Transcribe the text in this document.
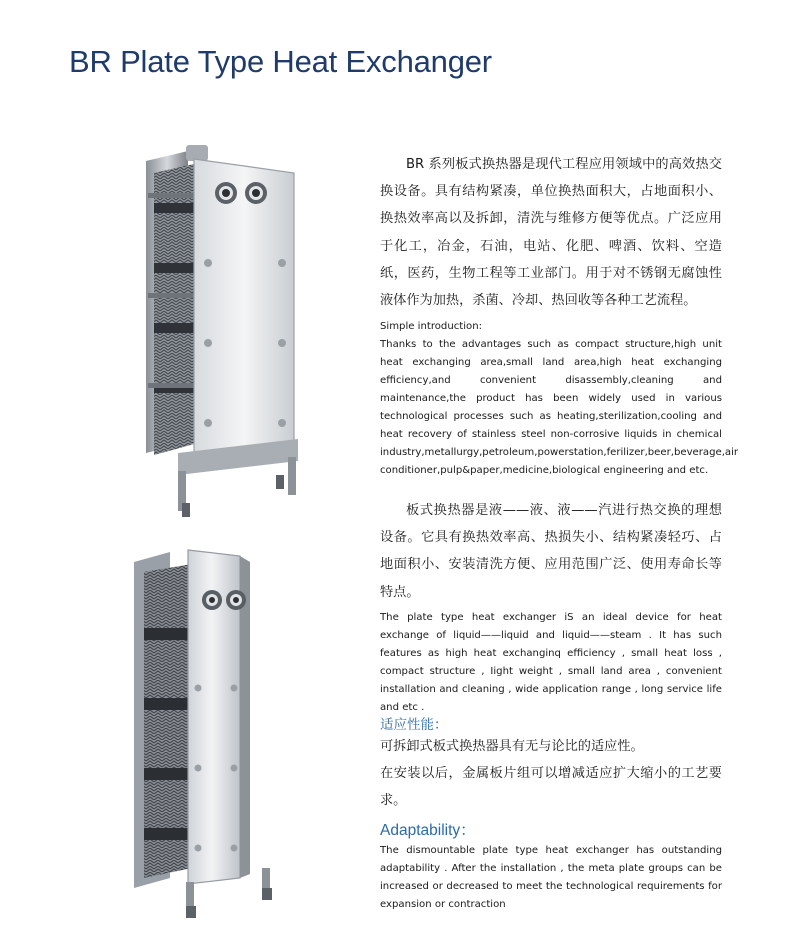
BR Plate Type Heat Exchanger

BR 系列板式换热器是现代工程应用领域中的高效热交换设备。具有结构紧凑，单位换热面积大，占地面积小、换热效率高以及拆卸，清洗与维修方便等优点。广泛应用于化工，冶金，石油，电站、化肥、啤酒、饮料、空造纸，医药，生物工程等工业部门。用于对不锈钢无腐蚀性液体作为加热，杀菌、冷却、热回收等各种工艺流程。

Simple introduction:

Thanks to the advantages such as compact structure,high unit heat exchanging area,small land area,high heat exchanging efficiency,and convenient disassembly,cleaning and maintenance,the product has been widely used in various technological processes such as heating,sterilization,cooling and heat recovery of stainless steel non-corrosive liquids in chemical industry,metallurgy,petroleum,powerstation,ferilizer,beer,beverage,air conditioner,pulp&paper,medicine,biological engineering and etc.

板式换热器是液——液、液——汽进行热交换的理想设备。它具有换热效率高、热损失小、结构紧凑轻巧、占地面积小、安装清洗方便、应用范围广泛、使用寿命长等特点。

The plate type heat exchanger iS an ideal device for heat exchange of liquid——liquid and liquid——steam . It has such features as high heat exchanginq efficiency , small heat loss , compact structure , Iight weight , small land area , convenient installation and cleaning , wide application range , long service life and etc .

适应性能：

可拆卸式板式换热器具有无与论比的适应性。

在安装以后，金属板片组可以增减适应扩大缩小的工艺要求。

Adaptability：

The dismountable plate type heat exchanger has outstanding adaptability . After the installation , the meta plate groups can be increased or decreased to meet the technological requirements for expansion or contraction
